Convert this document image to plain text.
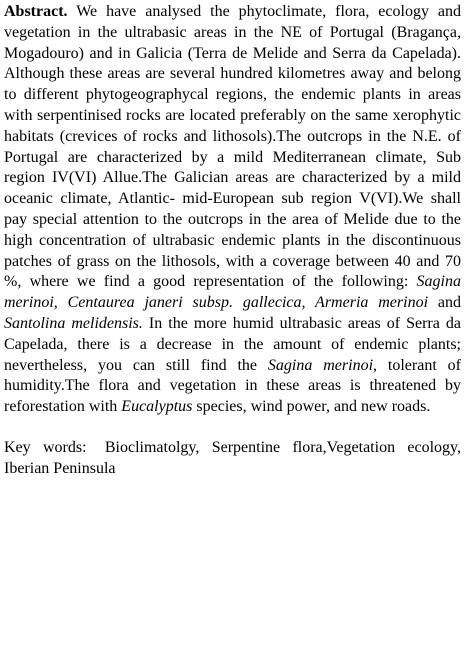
Abstract. We have analysed the phytoclimate, flora, ecology and vegetation in the ultrabasic areas in the NE of Portugal (Bragança, Mogadouro) and in Galicia (Terra de Melide and Serra da Capelada). Although these areas are several hundred kilometres away and belong to different phytogeographycal regions, the endemic plants in areas with serpentinised rocks are located preferably on the same xerophytic habitats (crevices of rocks and lithosols).The outcrops in the N.E. of Portugal are characterized by a mild Mediterranean climate, Sub region IV(VI) Allue.The Galician areas are characterized by a mild oceanic climate, Atlantic- mid-European sub region V(VI).We shall pay special attention to the outcrops in the area of Melide due to the high concentration of ultrabasic endemic plants in the discontinuous patches of grass on the lithosols, with a coverage between 40 and 70 %, where we find a good representation of the following: Sagina merinoi, Centaurea janeri subsp. gallecica, Armeria merinoi and Santolina melidensis. In the more humid ultrabasic areas of Serra da Capelada, there is a decrease in the amount of endemic plants; nevertheless, you can still find the Sagina merinoi, tolerant of humidity.The flora and vegetation in these areas is threatened by reforestation with Eucalyptus species, wind power, and new roads.

Key words: Bioclimatolgy, Serpentine flora,Vegetation ecology, Iberian Peninsula
